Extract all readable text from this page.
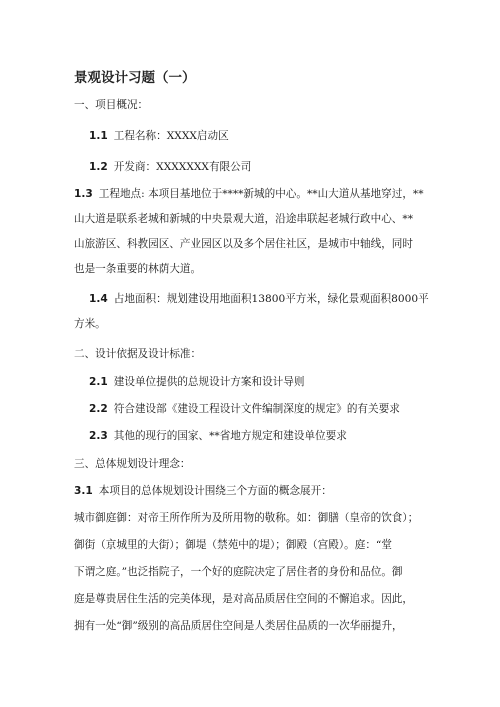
景观设计习题（一）
一、项目概况：
1.1 工程名称：XXXX启动区
1.2 开发商：XXXXXXX有限公司
1.3 工程地点: 本项目基地位于****新城的中心。**山大道从基地穿过，**
山大道是联系老城和新城的中央景观大道，沿途串联起老城行政中心、**
山旅游区、科教园区、产业园区以及多个居住社区，是城市中轴线，同时
也是一条重要的林荫大道。
1.4 占地面积：规划建设用地面积13800平方米，绿化景观面积8000平
方米。
二、设计依据及设计标准：
2.1 建设单位提供的总规设计方案和设计导则
2.2 符合建设部《建设工程设计文件编制深度的规定》的有关要求
2.3 其他的现行的国家、**省地方规定和建设单位要求
三、总体规划设计理念：
3.1 本项目的总体规划设计围绕三个方面的概念展开：
城市御庭御：对帝王所作所为及所用物的敬称。如：御膳（皇帝的饮食）；
御街（京城里的大街）；御堤（禁苑中的堤）；御殿（宫殿）。庭：“堂
下谓之庭。”也泛指院子，一个好的庭院决定了居住者的身份和品位。御
庭是尊贵居住生活的完美体现，是对高品质居住空间的不懈追求。因此，
拥有一处“御”级别的高品质居住空间是人类居住品质的一次华丽提升，
